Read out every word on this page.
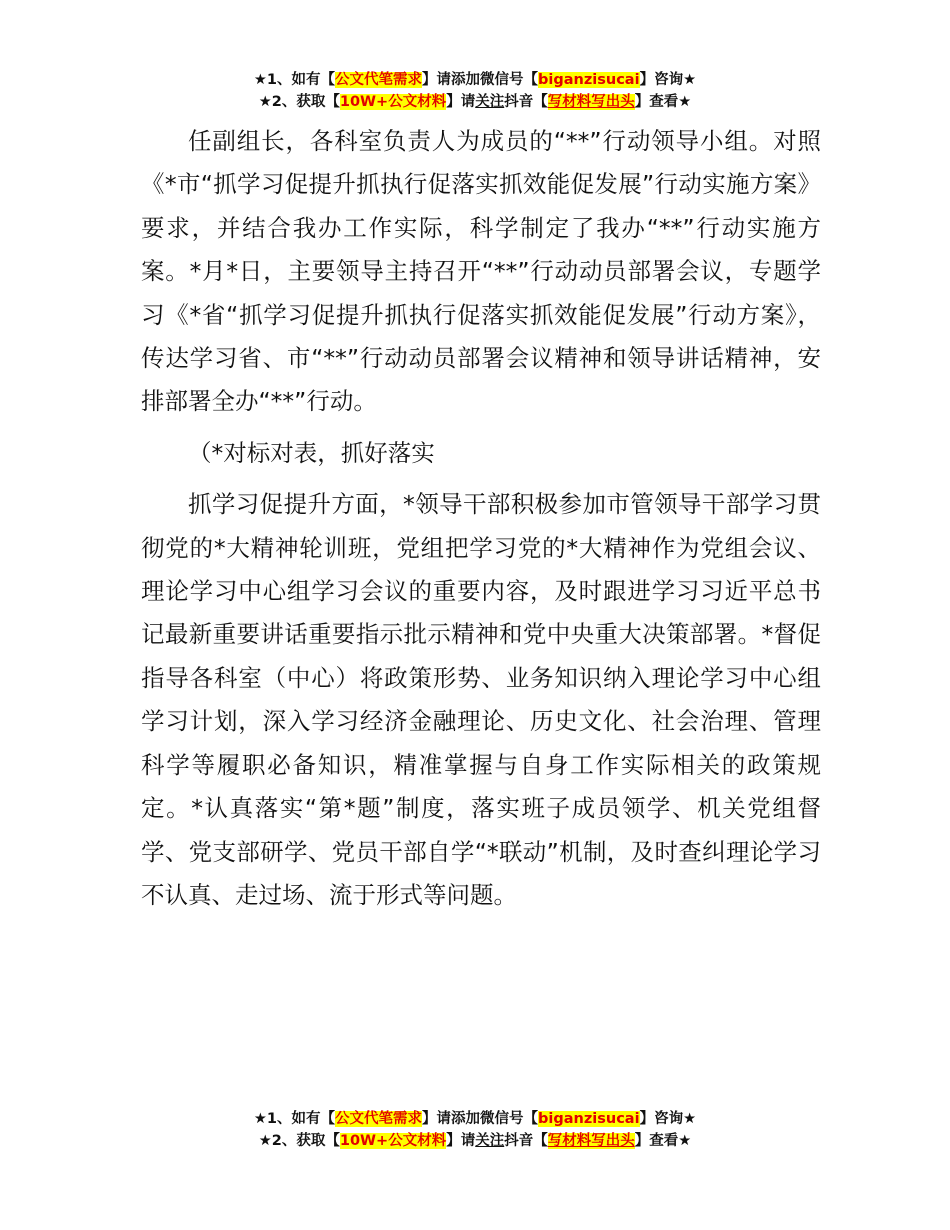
★1、如有【公文代笔需求】请添加微信号【biganzisucai】咨询★
★2、获取【10W+公文材料】请关注抖音【写材料写出头】查看★

任副组长，各科室负责人为成员的“**”行动领导小组。对照《*市“抓学习促提升抓执行促落实抓效能促发展”行动实施方案》要求，并结合我办工作实际，科学制定了我办“**”行动实施方案。*月*日，主要领导主持召开“**”行动动员部署会议，专题学习《*省“抓学习促提升抓执行促落实抓效能促发展”行动方案》，传达学习省、市“**”行动动员部署会议精神和领导讲话精神，安排部署全办“**”行动。

（*对标对表，抓好落实

抓学习促提升方面，*领导干部积极参加市管领导干部学习贯彻党的*大精神轮训班，党组把学习党的*大精神作为党组会议、理论学习中心组学习会议的重要内容，及时跟进学习习近平总书记最新重要讲话重要指示批示精神和党中央重大决策部署。*督促指导各科室（中心）将政策形势、业务知识纳入理论学习中心组学习计划，深入学习经济金融理论、历史文化、社会治理、管理科学等履职必备知识，精准掌握与自身工作实际相关的政策规定。*认真落实“第*题”制度，落实班子成员领学、机关党组督学、党支部研学、党员干部自学“*联动”机制，及时查纠理论学习不认真、走过场、流于形式等问题。

★1、如有【公文代笔需求】请添加微信号【biganzisucai】咨询★
★2、获取【10W+公文材料】请关注抖音【写材料写出头】查看★
